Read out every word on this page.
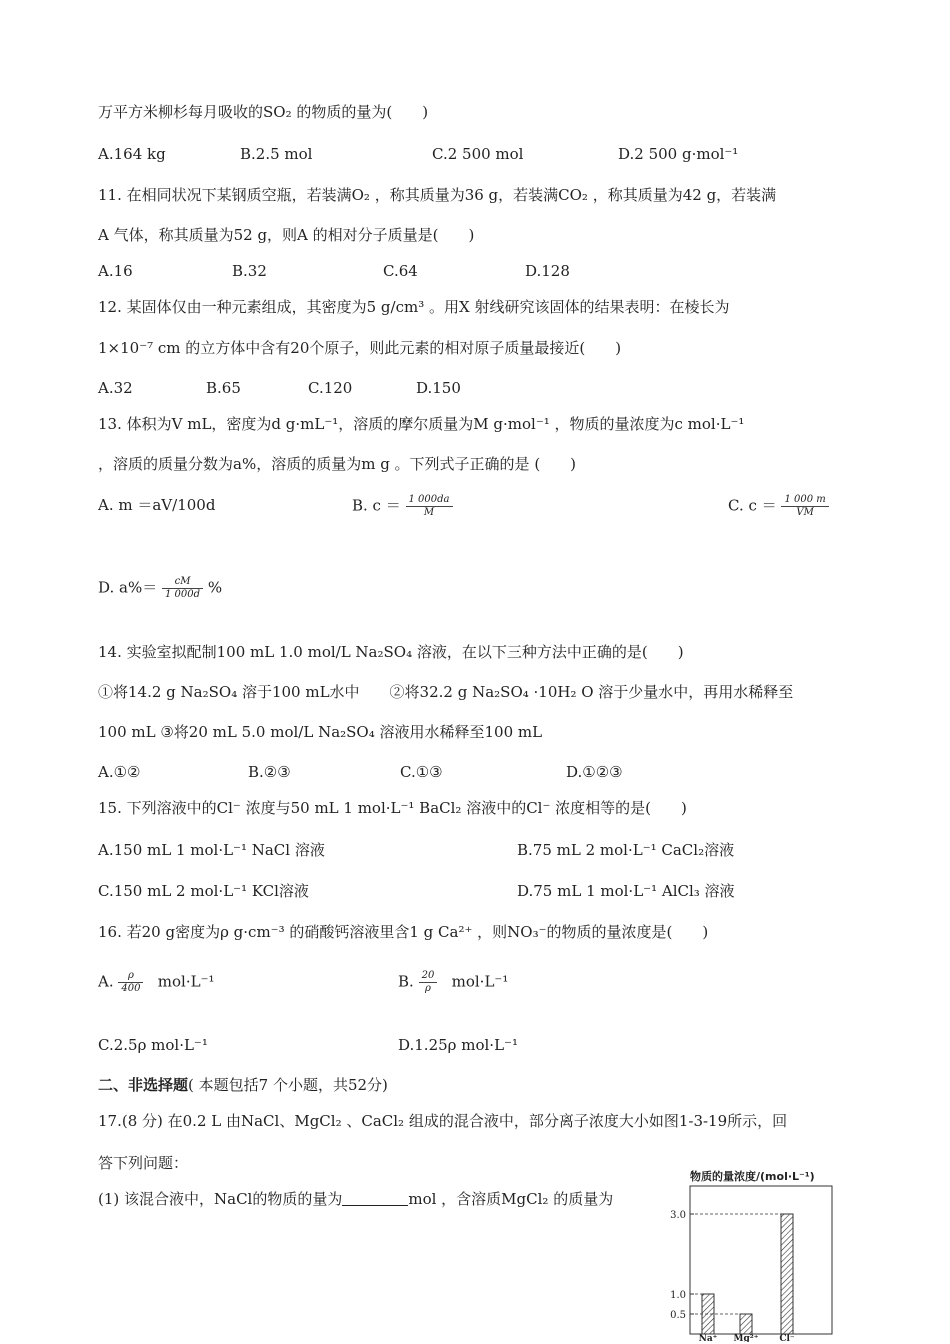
万平方米柳杉每月吸收的SO₂ 的物质的量为(　　)
A.164 kg	B.2.5 mol	C.2 500 mol	D.2 500 g·mol⁻¹
11. 在相同状况下某钢质空瓶，若装满O₂ ，称其质量为36 g，若装满CO₂ ，称其质量为42 g，若装满
A 气体，称其质量为52 g，则A 的相对分子质量是(　　)
A.16	B.32	C.64	D.128
12. 某固体仅由一种元素组成，其密度为5 g/cm³ 。用X 射线研究该固体的结果表明：在棱长为
1×10⁻⁷ cm 的立方体中含有20个原子，则此元素的相对原子质量最接近(　　)
A.32	B.65	C.120	D.150
13. 体积为V mL，密度为d g·mL⁻¹，溶质的摩尔质量为M g·mol⁻¹ ，物质的量浓度为c mol·L⁻¹
，溶质的质量分数为a%，溶质的质量为m g 。下列式子正确的是 (　　)
A. m ＝aV/100d	B. $c = \frac{1 000da}{M}$	C. $c = \frac{1 000 m}{VM}$
D. $a\%= \frac{cM}{1 000d}$ %
14. 实验室拟配制100 mL 1.0 mol/L Na₂SO₄ 溶液，在以下三种方法中正确的是(　　)
①将14.2 g Na₂SO₄ 溶于100 mL水中　　②将32.2 g Na₂SO₄ ·10H₂ O 溶于少量水中，再用水稀释至
100 mL ③将20 mL 5.0 mol/L Na₂SO₄ 溶液用水稀释至100 mL
A.①②	B.②③	C.①③	D.①②③
15. 下列溶液中的Cl⁻ 浓度与50 mL 1 mol·L⁻¹ BaCl₂ 溶液中的Cl⁻ 浓度相等的是(　　)
A.150 mL 1 mol·L⁻¹ NaCl 溶液	B.75 mL 2 mol·L⁻¹ CaCl₂溶液
C.150 mL 2 mol·L⁻¹ KCl溶液	D.75 mL 1 mol·L⁻¹ AlCl₃ 溶液
16. 若20 g密度为ρ g·cm⁻³ 的硝酸钙溶液里含1 g Ca²⁺ ，则NO₃⁻的物质的量浓度是(　　)
A. $\frac{\rho}{400} mol\cdot L^{-1}$	B. $\frac{20}{\rho} mol\cdot L^{-1}$
C.2.5ρ mol·L⁻¹	D.1.25ρ mol·L⁻¹
二、非选择题( 本题包括7 个小题，共52分)
17.(8 分) 在0.2 L 由NaCl、MgCl₂ 、CaCl₂ 组成的混合液中，部分离子浓度大小如图1-3-19所示，回
答下列问题：
(1) 该混合液中，NaCl的物质的量为	mol ，含溶质MgCl₂ 的质量为
物质的量浓度/(mol·L⁻¹)
0.5
1.0
3.0
Na⁺ Mg²⁺ Cl⁻
